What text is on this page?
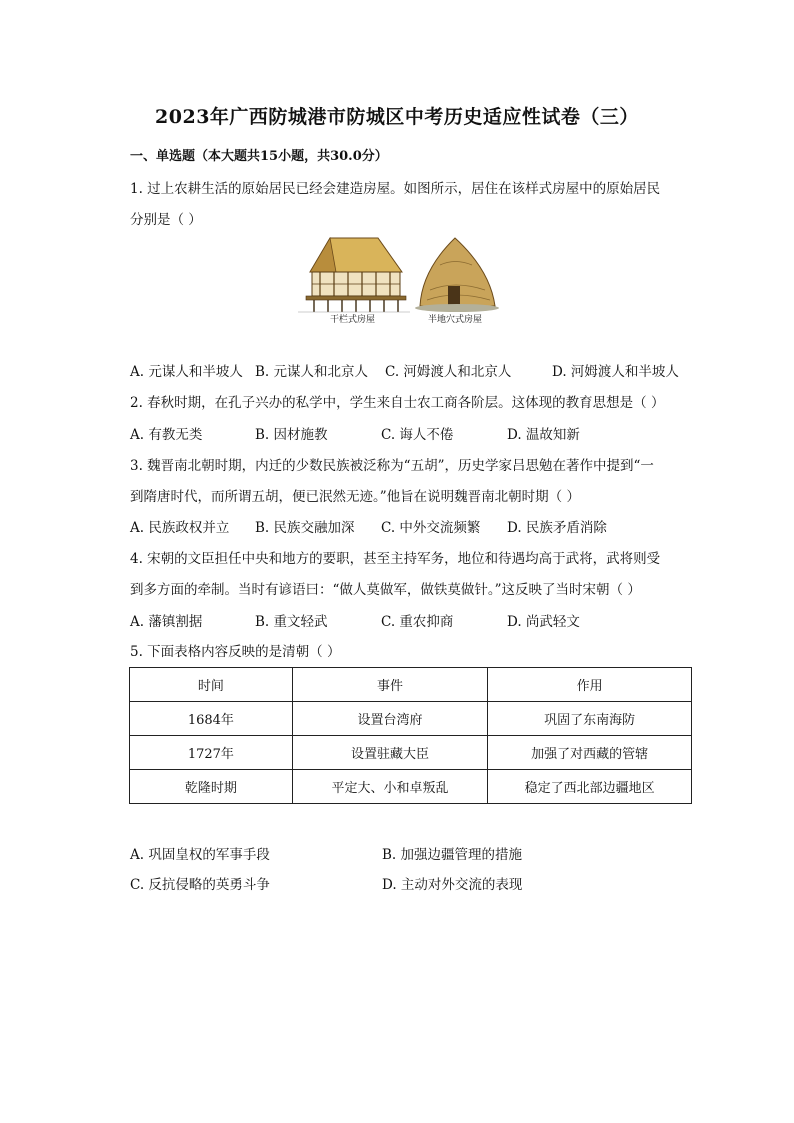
2023年广西防城港市防城区中考历史适应性试卷（三）
一、单选题（本大题共15小题，共30.0分）
1. 过上农耕生活的原始居民已经会建造房屋。如图所示，居住在该样式房屋中的原始居民
分别是（ ）
干栏式房屋	半地穴式房屋
A. 元谋人和半坡人 B. 元谋人和北京人 C. 河姆渡人和北京人	D. 河姆渡人和半坡人
2. 春秋时期，在孔子兴办的私学中，学生来自士农工商各阶层。这体现的教育思想是（ ）
A. 有教无类	B. 因材施教	C. 诲人不倦	D. 温故知新
3. 魏晋南北朝时期，内迁的少数民族被泛称为“五胡”，历史学家吕思勉在著作中提到“一
到隋唐时代，而所谓五胡，便已泯然无迹。”他旨在说明魏晋南北朝时期（ ）
A. 民族政权并立 B. 民族交融加深 C. 中外交流频繁 D. 民族矛盾消除
4. 宋朝的文臣担任中央和地方的要职，甚至主持军务，地位和待遇均高于武将，武将则受
到多方面的牵制。当时有谚语曰：“做人莫做军，做铁莫做针。”这反映了当时宋朝（ ）
A. 藩镇割据	B. 重文轻武	C. 重农抑商	D. 尚武轻文
5. 下面表格内容反映的是清朝（ ）
时间	事件	作用
1684年	设置台湾府	巩固了东南海防
1727年	设置驻藏大臣	加强了对西藏的管辖
乾隆时期	平定大、小和卓叛乱	稳定了西北部边疆地区
A. 巩固皇权的军事手段	B. 加强边疆管理的措施
C. 反抗侵略的英勇斗争	D. 主动对外交流的表现
